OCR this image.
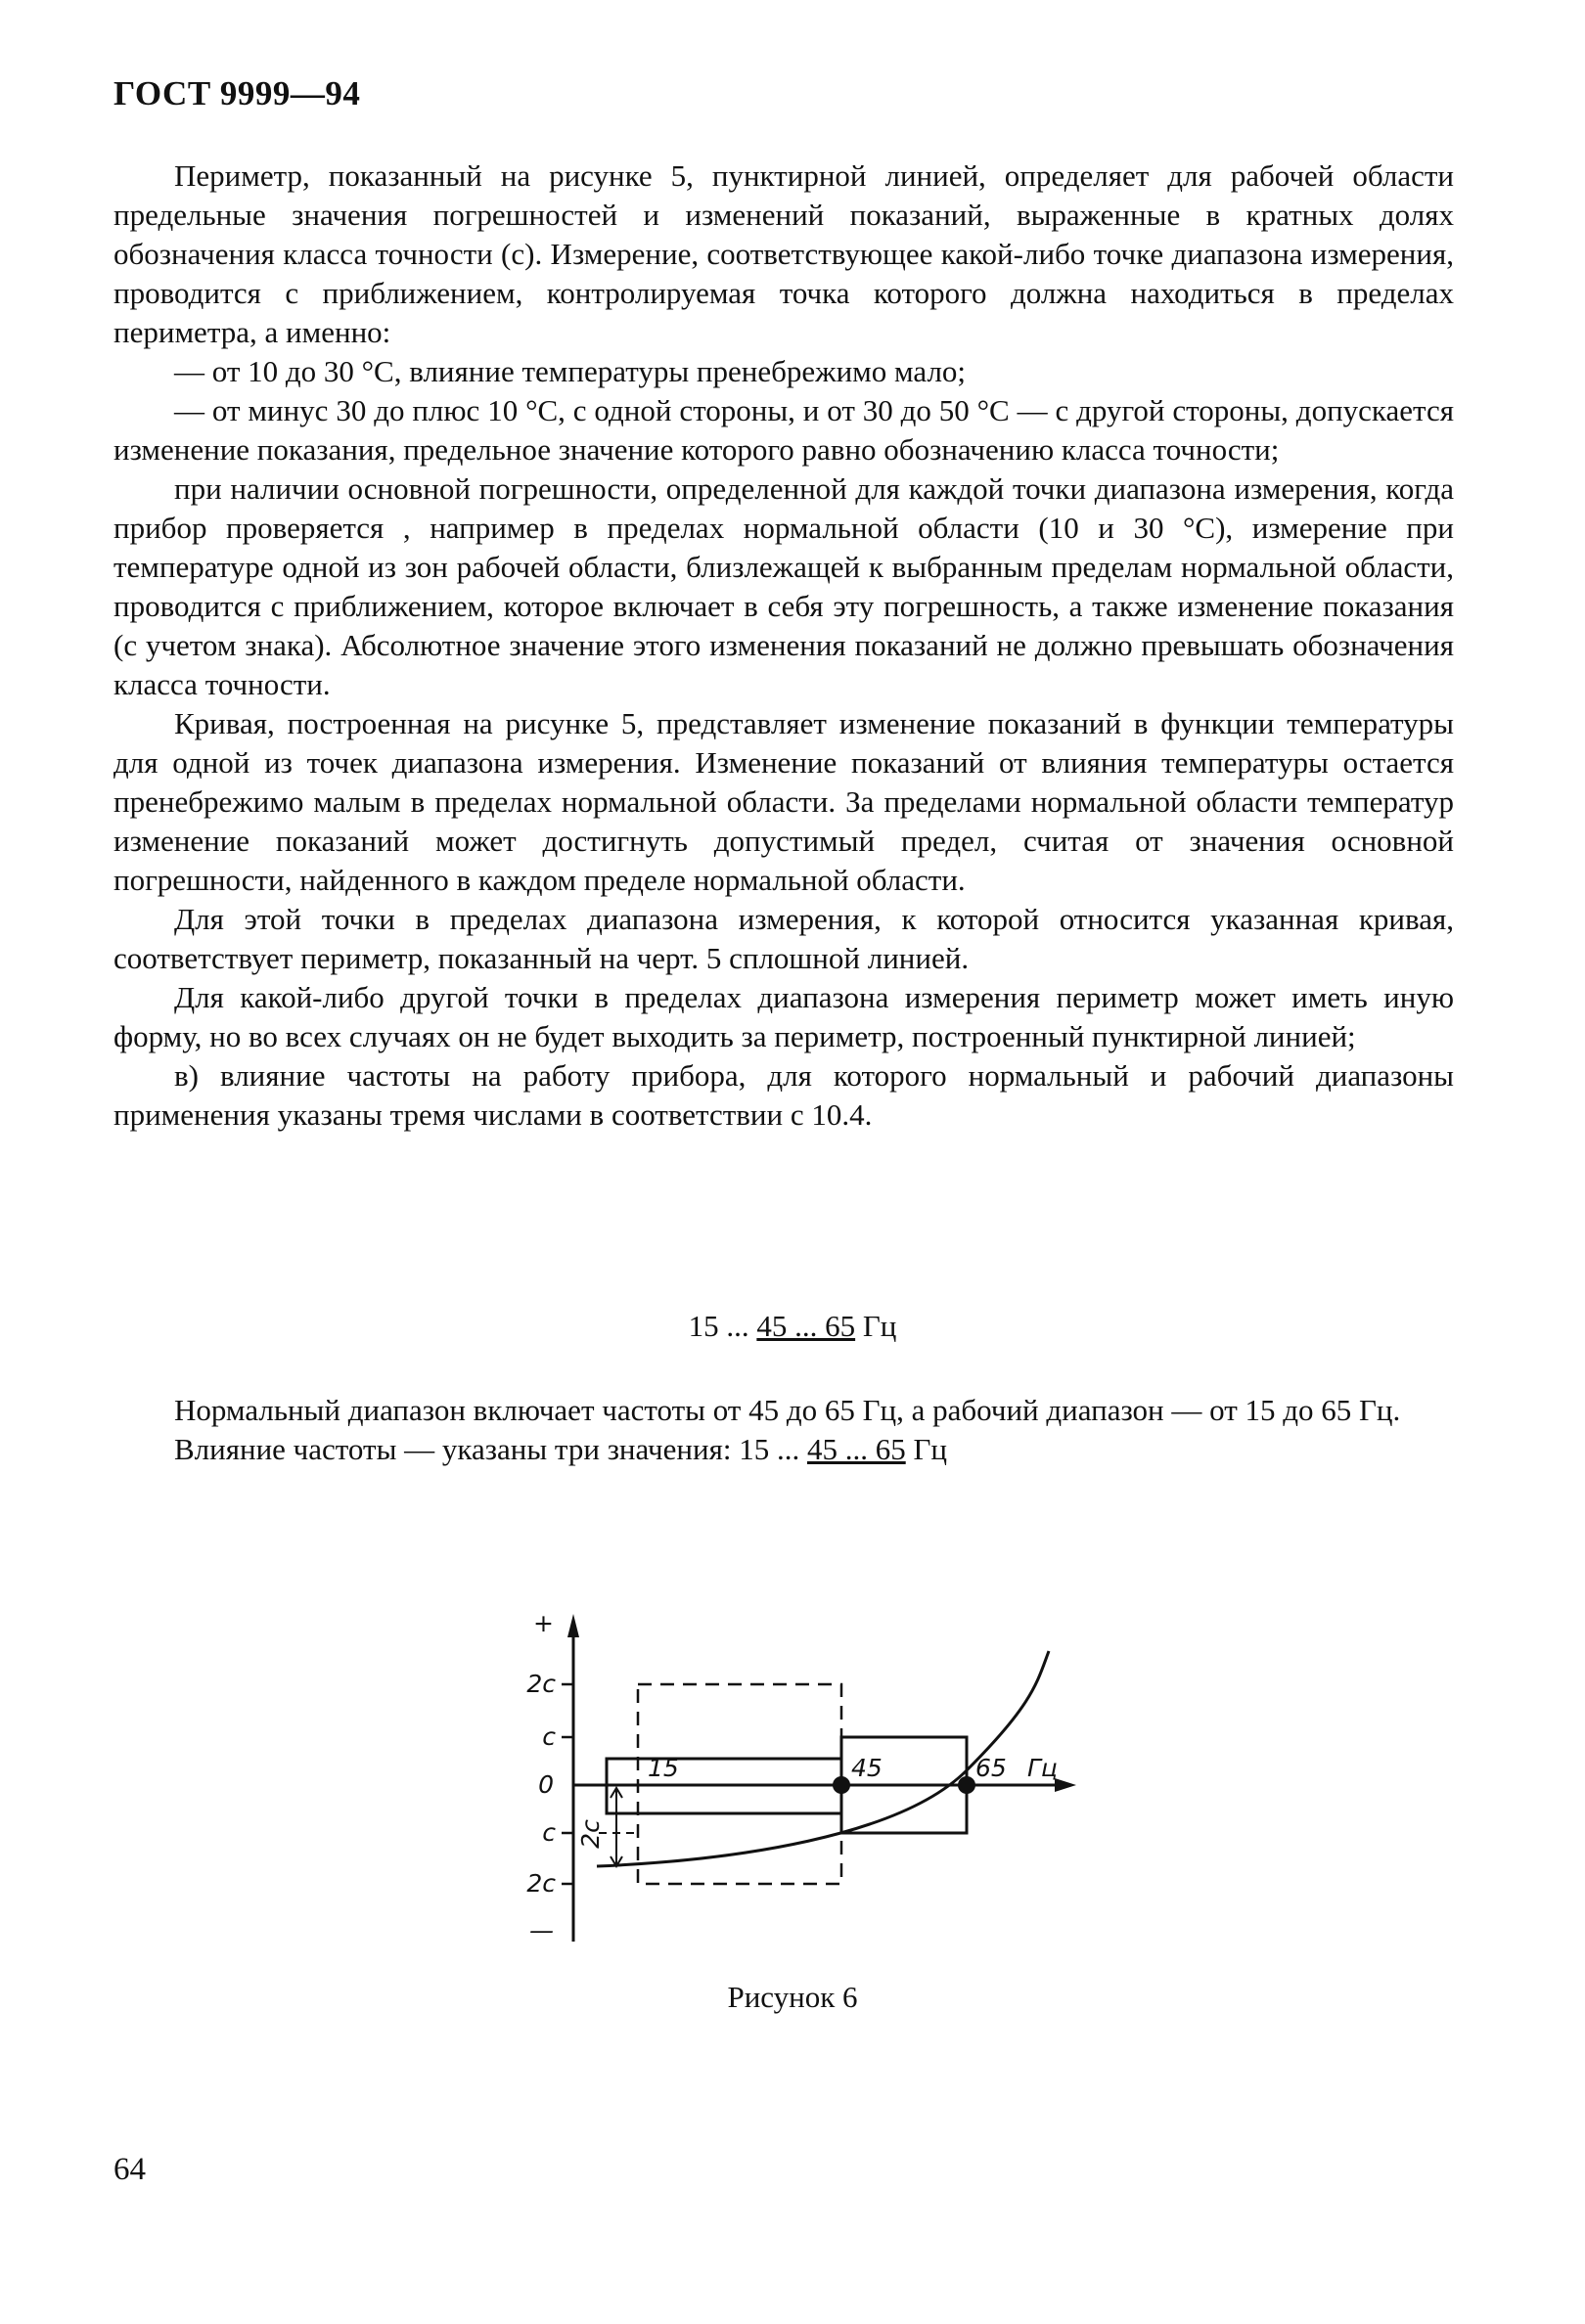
ГОСТ 9999—94

Периметр, показанный на рисунке 5, пунктирной линией, определяет для рабочей области предельные значения погрешностей и изменений показаний, выраженные в кратных долях обозначения класса точности (c). Измерение, соответствующее какой-либо точке диапазона измерения, проводится с приближением, контролируемая точка которого должна находиться в пределах периметра, а именно:

— от 10 до 30 °C, влияние температуры пренебрежимо мало;

— от минус 30 до плюс 10 °C, с одной стороны, и от 30 до 50 °C — с другой стороны, допускается изменение показания, предельное значение которого равно обозначению класса точности;

при наличии основной погрешности, определенной для каждой точки диапазона измерения, когда прибор проверяется , например в пределах нормальной области (10 и 30 °C), измерение при температуре одной из зон рабочей области, близлежащей к выбранным пределам нормальной области, проводится с приближением, которое включает в себя эту погрешность, а также изменение показания (с учетом знака). Абсолютное значение этого изменения показаний не должно превышать обозначения класса точности.

Кривая, построенная на рисунке 5, представляет изменение показаний в функции температуры для одной из точек диапазона измерения. Изменение показаний от влияния температуры остается пренебрежимо малым в пределах нормальной области. За пределами нормальной области температур изменение показаний может достигнуть допустимый предел, считая от значения основной погрешности, найденного в каждом пределе нормальной области.

Для этой точки в пределах диапазона измерения, к которой относится указанная кривая, соответствует периметр, показанный на черт. 5 сплошной линией.

Для какой-либо другой точки в пределах диапазона измерения периметр может иметь иную форму, но во всех случаях он не будет выходить за периметр, построенный пунктирной линией;

в) влияние частоты на работу прибора, для которого нормальный и рабочий диапазоны применения указаны тремя числами в соответствии с 10.4.

15 ... 45 ... 65 Гц

Нормальный диапазон включает частоты от 45 до 65 Гц, а рабочий диапазон — от 15 до 65 Гц.

Влияние частоты — указаны три значения: 15 ... 45 ... 65 Гц

+
2c
c
0
c
2c
—
2c
15	45	65 Гц
Рисунок 6
64
